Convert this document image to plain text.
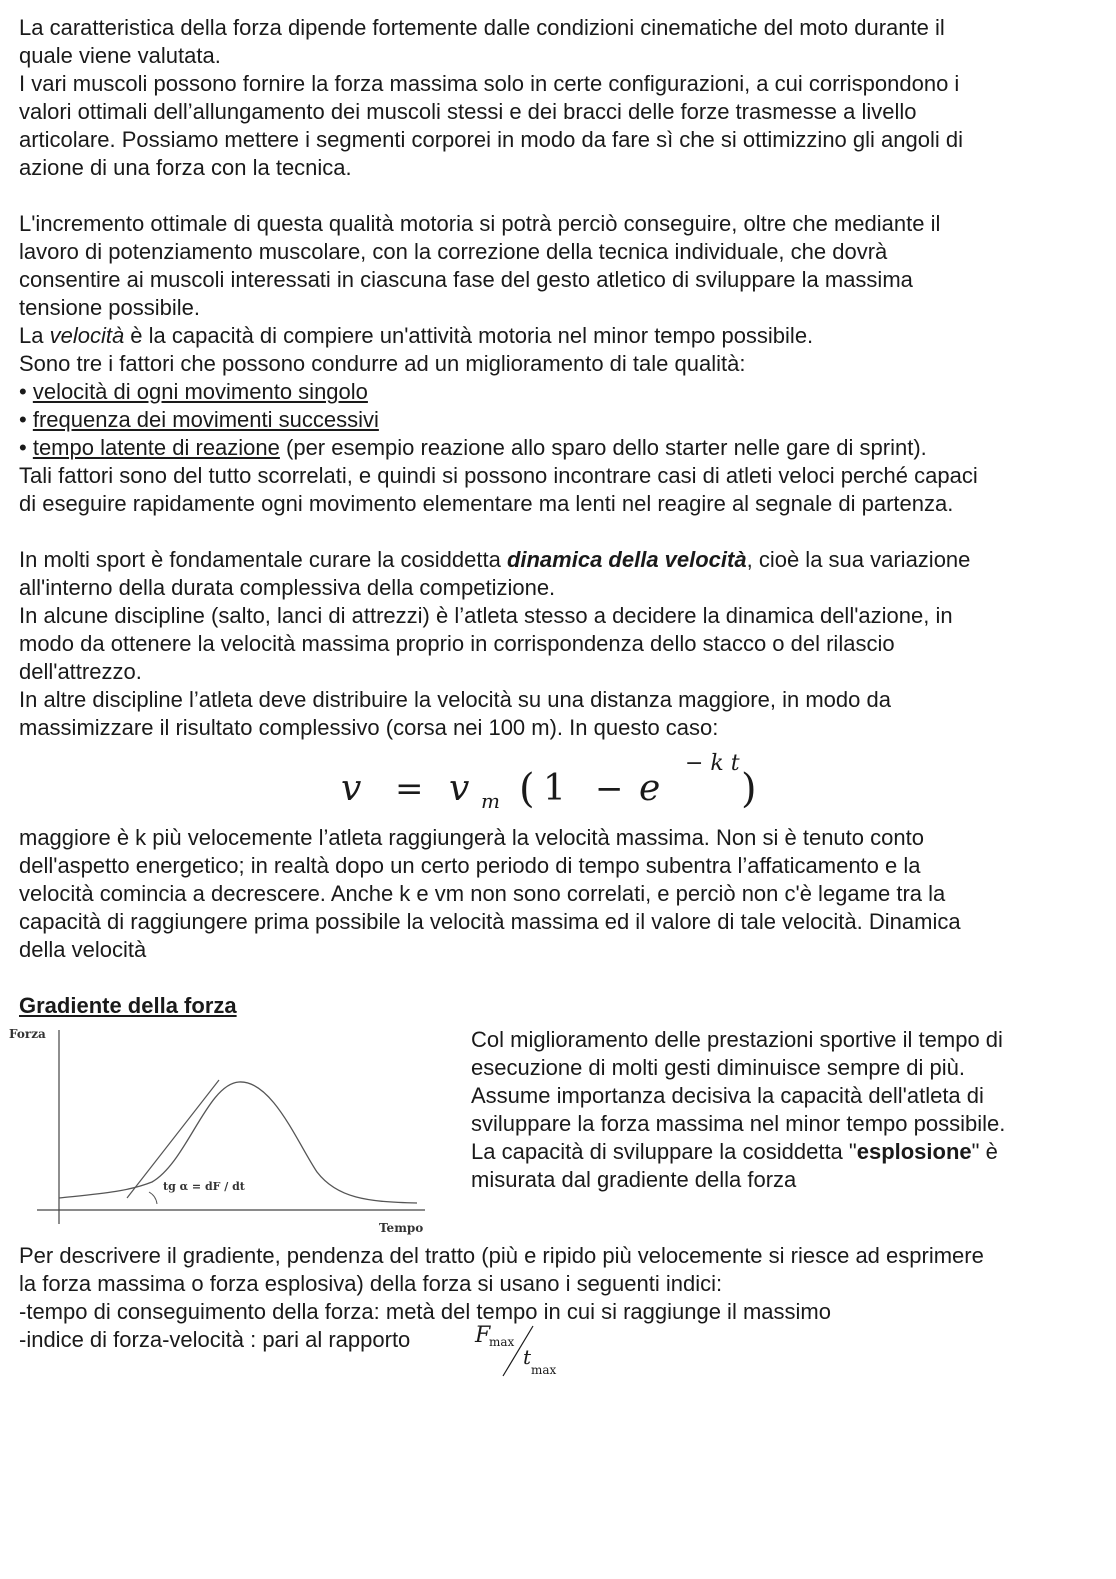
La caratteristica della forza dipende fortemente dalle condizioni cinematiche del moto durante il
quale viene valutata.

I vari muscoli possono fornire la forza massima solo in certe configurazioni, a cui corrispondono i
valori ottimali dell’allungamento dei muscoli stessi e dei bracci delle forze trasmesse a livello
articolare. Possiamo mettere i segmenti corporei in modo da fare sì che si ottimizzino gli angoli di
azione di una forza con la tecnica.

L'incremento ottimale di questa qualità motoria si potrà perciò conseguire, oltre che mediante il
lavoro di potenziamento muscolare, con la correzione della tecnica individuale, che dovrà
consentire ai muscoli interessati in ciascuna fase del gesto atletico di sviluppare la massima
tensione possibile.

La velocità è la capacità di compiere un'attività motoria nel minor tempo possibile.

Sono tre i fattori che possono condurre ad un miglioramento di tale qualità:

• velocità di ogni movimento singolo
• frequenza dei movimenti successivi
• tempo latente di reazione (per esempio reazione allo sparo dello starter nelle gare di sprint).

Tali fattori sono del tutto scorrelati, e quindi si possono incontrare casi di atleti veloci perché capaci
di eseguire rapidamente ogni movimento elementare ma lenti nel reagire al segnale di partenza.

In molti sport è fondamentale curare la cosiddetta dinamica della velocità, cioè la sua variazione
all'interno della durata complessiva della competizione.

In alcune discipline (salto, lanci di attrezzi) è l’atleta stesso a decidere la dinamica dell'azione, in
modo da ottenere la velocità massima proprio in corrispondenza dello stacco o del rilascio
dell'attrezzo.

In altre discipline l’atleta deve distribuire la velocità su una distanza maggiore, in modo da
massimizzare il risultato complessivo (corsa nei 100 m). In questo caso:

v = v m ( 1 − e
− k t
)

maggiore è k più velocemente l’atleta raggiungerà la velocità massima. Non si è tenuto conto
dell'aspetto energetico; in realtà dopo un certo periodo di tempo subentra l’affaticamento e la
velocità comincia a decrescere. Anche k e vm non sono correlati, e perciò non c'è legame tra la
capacità di raggiungere prima possibile la velocità massima ed il valore di tale velocità. Dinamica
della velocità

Gradiente della forza

Forza
Tempo
tg α = dF / dt

Col miglioramento delle prestazioni sportive il tempo di
esecuzione di molti gesti diminuisce sempre di più.
Assume importanza decisiva la capacità dell'atleta di
sviluppare la forza massima nel minor tempo possibile.
La capacità di sviluppare la cosiddetta "esplosione" è
misurata dal gradiente della forza

Per descrivere il gradiente, pendenza del tratto (più e ripido più velocemente si riesce ad esprimere
la forza massima o forza esplosiva) della forza si usano i seguenti indici:
-tempo di conseguimento della forza: metà del tempo in cui si raggiunge il massimo

-indice di forza-velocità : pari al rapporto	F
max
t
max
